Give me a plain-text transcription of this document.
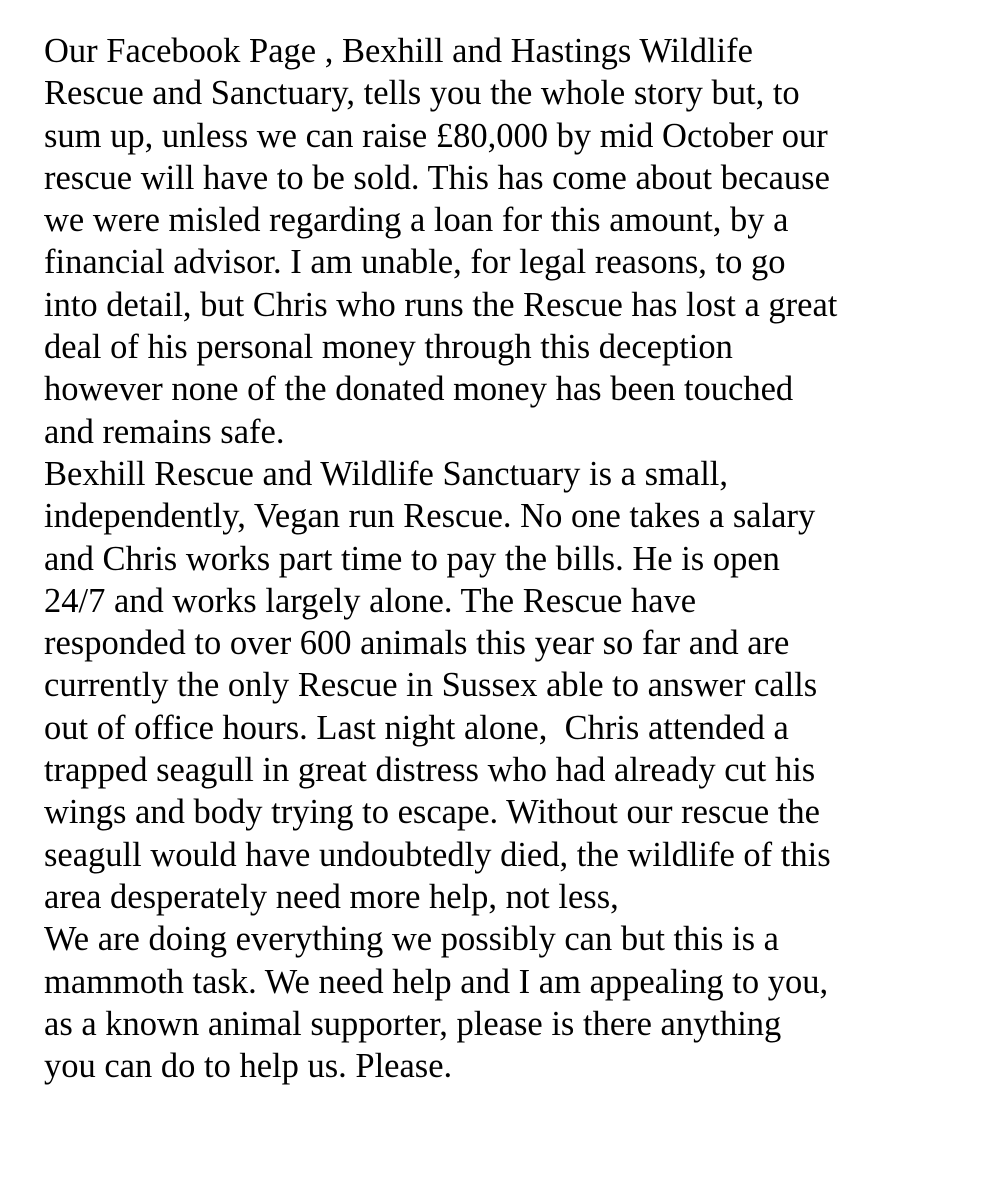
Our Facebook Page , Bexhill and Hastings Wildlife
Rescue and Sanctuary, tells you the whole story but, to
sum up, unless we can raise £80,000 by mid October our
rescue will have to be sold. This has come about because
we were misled regarding a loan for this amount, by a
financial advisor. I am unable, for legal reasons, to go
into detail, but Chris who runs the Rescue has lost a great
deal of his personal money through this deception
however none of the donated money has been touched
and remains safe.
Bexhill Rescue and Wildlife Sanctuary is a small,
independently, Vegan run Rescue. No one takes a salary
and Chris works part time to pay the bills. He is open
24/7 and works largely alone. The Rescue have
responded to over 600 animals this year so far and are
currently the only Rescue in Sussex able to answer calls
out of office hours. Last night alone,  Chris attended a
trapped seagull in great distress who had already cut his
wings and body trying to escape. Without our rescue the
seagull would have undoubtedly died, the wildlife of this
area desperately need more help, not less,
We are doing everything we possibly can but this is a
mammoth task. We need help and I am appealing to you,
as a known animal supporter, please is there anything
you can do to help us. Please.
